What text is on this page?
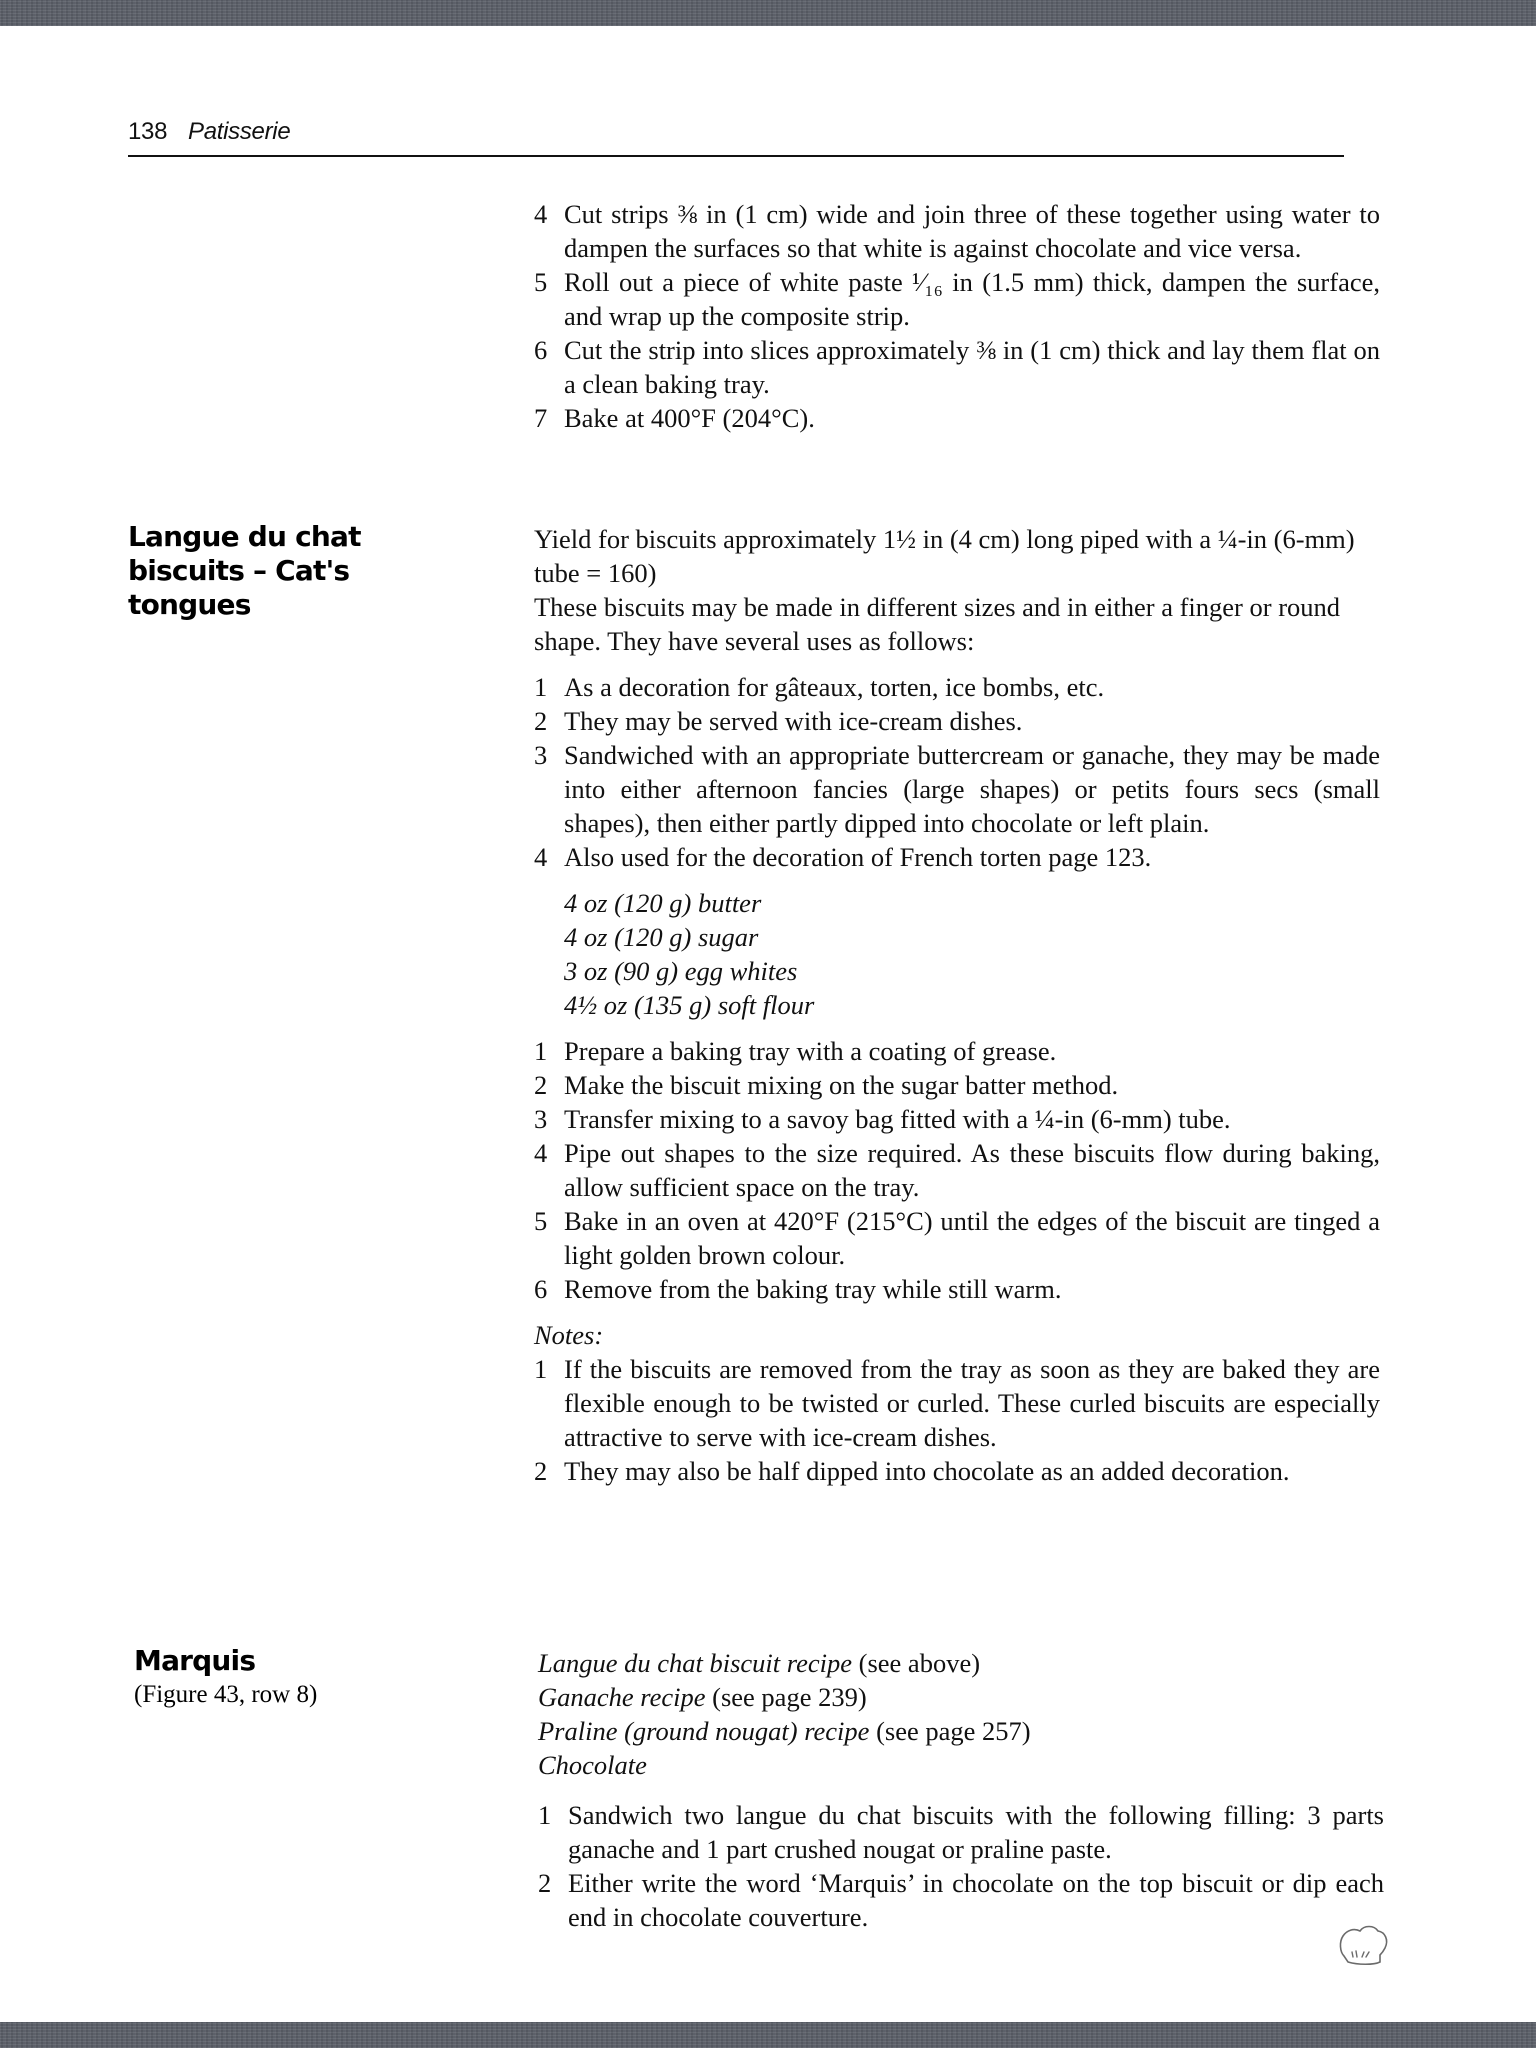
138 Patisserie
4 Cut strips ⅜ in (1 cm) wide and join three of these together using water to dampen the surfaces so that white is against chocolate and vice versa.
5 Roll out a piece of white paste ¹⁄₁₆ in (1.5 mm) thick, dampen the surface, and wrap up the composite strip.
6 Cut the strip into slices approximately ⅜ in (1 cm) thick and lay them flat on a clean baking tray.
7 Bake at 400°F (204°C).
Langue du chat biscuits – Cat's tongues

Yield for biscuits approximately 1½ in (4 cm) long piped with a ¼-in (6-mm) tube = 160)

These biscuits may be made in different sizes and in either a finger or round shape. They have several uses as follows:

1 As a decoration for gâteaux, torten, ice bombs, etc.
2 They may be served with ice-cream dishes.
3 Sandwiched with an appropriate buttercream or ganache, they may be made into either afternoon fancies (large shapes) or petits fours secs (small shapes), then either partly dipped into chocolate or left plain.
4 Also used for the decoration of French torten page 123.
4 oz (120 g) butter
4 oz (120 g) sugar
3 oz (90 g) egg whites
4½ oz (135 g) soft flour
1 Prepare a baking tray with a coating of grease.
2 Make the biscuit mixing on the sugar batter method.
3 Transfer mixing to a savoy bag fitted with a ¼-in (6-mm) tube.
4 Pipe out shapes to the size required. As these biscuits flow during baking, allow sufficient space on the tray.
5 Bake in an oven at 420°F (215°C) until the edges of the biscuit are tinged a light golden brown colour.
6 Remove from the baking tray while still warm.
Notes:
1 If the biscuits are removed from the tray as soon as they are baked they are flexible enough to be twisted or curled. These curled biscuits are especially attractive to serve with ice-cream dishes.
2 They may also be half dipped into chocolate as an added decoration.
Marquis
(Figure 43, row 8)
Langue du chat biscuit recipe (see above)
Ganache recipe (see page 239)
Praline (ground nougat) recipe (see page 257)
Chocolate
1 Sandwich two langue du chat biscuits with the following filling: 3 parts ganache and 1 part crushed nougat or praline paste.
2 Either write the word ‘Marquis’ in chocolate on the top biscuit or dip each end in chocolate couverture.
